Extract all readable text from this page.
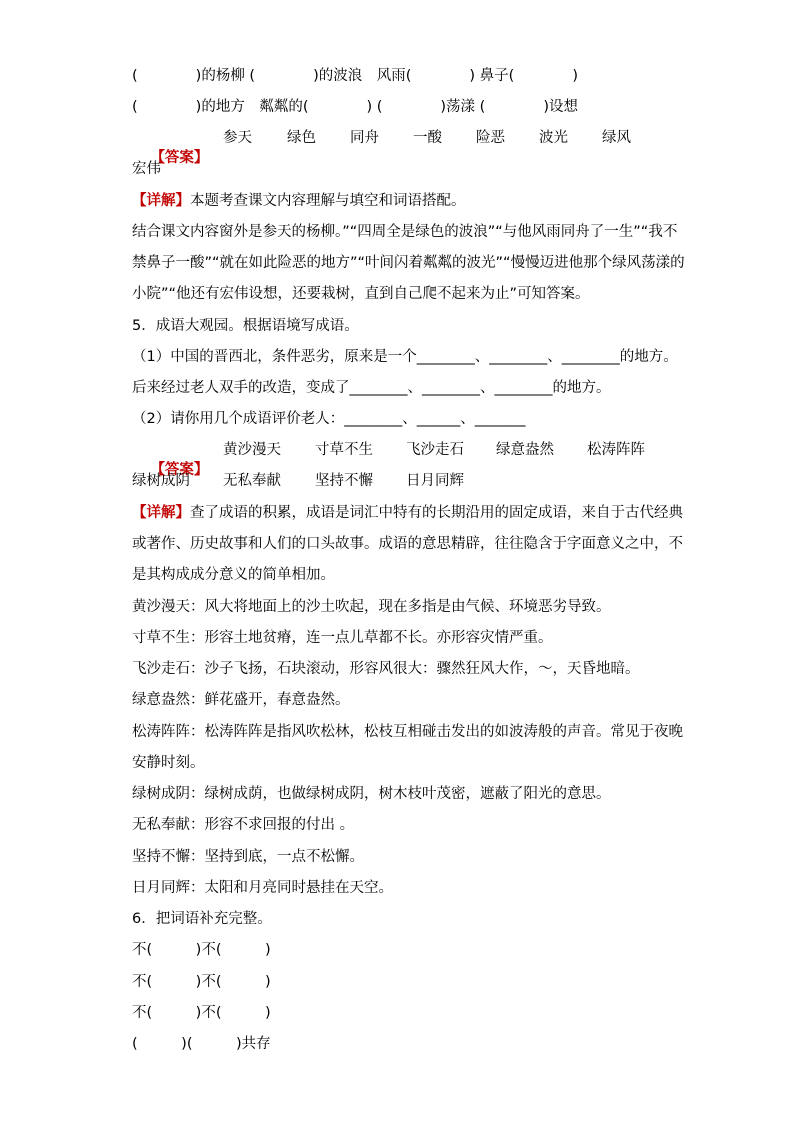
(　　　　)的杨柳 (　　　　)的波浪　风雨(　　　　) 鼻子(　　　　)
(　　　　)的地方　粼粼的(　　　　) (　　　　)荡漾 (　　　　)设想

【答案】

参天

绿色

同舟

一酸

险恶

波光

绿风

宏伟
【详解】本题考查课文内容理解与填空和词语搭配。
结合课文内容窗外是参天的杨柳。”“四周全是绿色的波浪”“与他风雨同舟了一生”“我不
禁鼻子一酸”“就在如此险恶的地方”“叶间闪着粼粼的波光”“慢慢迈进他那个绿风荡漾的
小院”“他还有宏伟设想，还要栽树，直到自己爬不起来为止”可知答案。
5．成语大观园。根据语境写成语。
（1）中国的晋西北，条件恶劣，原来是一个________、________、________的地方。
后来经过老人双手的改造，变成了________、________、________的地方。
（2）请你用几个成语评价老人：________、______、_______

【答案】

黄沙漫天

寸草不生

飞沙走石

绿意盎然

松涛阵阵

绿树成阴

无私奉献

坚持不懈

日月同辉

【详解】查了成语的积累，成语是词汇中特有的长期沿用的固定成语，来自于古代经典
或著作、历史故事和人们的口头故事。成语的意思精辟，往往隐含于字面意义之中，不
是其构成成分意义的简单相加。
黄沙漫天：风大将地面上的沙土吹起，现在多指是由气候、环境恶劣导致。
寸草不生：形容土地贫瘠，连一点儿草都不长。亦形容灾情严重。
飞沙走石：沙子飞扬，石块滚动，形容风很大：骤然狂风大作，～，天昏地暗。
绿意盎然：鲜花盛开，春意盎然。
松涛阵阵：松涛阵阵是指风吹松林，松枝互相碰击发出的如波涛般的声音。常见于夜晚
安静时刻。
绿树成阴：绿树成荫，也做绿树成阴，树木枝叶茂密，遮蔽了阳光的意思。
无私奉献：形容不求回报的付出 。
坚持不懈：坚持到底，一点不松懈。
日月同辉：太阳和月亮同时悬挂在天空。
6．把词语补充完整。
不(　　　)不(　　　)
不(　　　)不(　　　)
不(　　　)不(　　　)
(　　　)(　　　)共存
